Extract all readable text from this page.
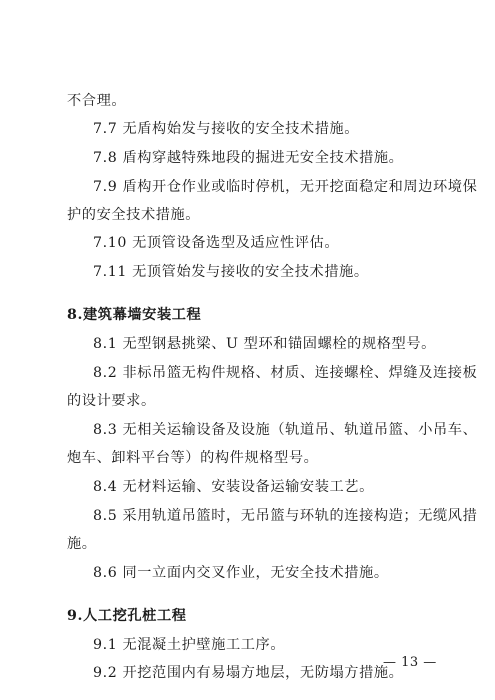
不合理。
7.7 无盾构始发与接收的安全技术措施。
7.8 盾构穿越特殊地段的掘进无安全技术措施。
7.9 盾构开仓作业或临时停机，无开挖面稳定和周边环境保
护的安全技术措施。
7.10 无顶管设备选型及适应性评估。
7.11 无顶管始发与接收的安全技术措施。
8.建筑幕墙安装工程
8.1 无型钢悬挑梁、U 型环和锚固螺栓的规格型号。
8.2 非标吊篮无构件规格、材质、连接螺栓、焊缝及连接板
的设计要求。
8.3 无相关运输设备及设施（轨道吊、轨道吊篮、小吊车、
炮车、卸料平台等）的构件规格型号。
8.4 无材料运输、安装设备运输安装工艺。
8.5 采用轨道吊篮时，无吊篮与环轨的连接构造；无缆风措
施。
8.6 同一立面内交叉作业，无安全技术措施。
9.人工挖孔桩工程
9.1 无混凝土护壁施工工序。
9.2 开挖范围内有易塌方地层，无防塌方措施。
— 13 —
